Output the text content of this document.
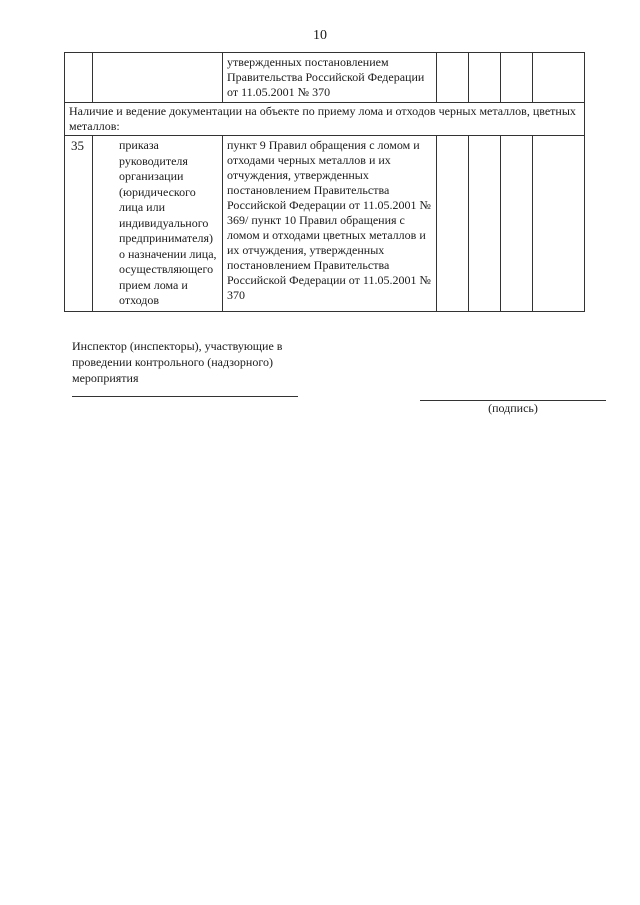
10
		утвержденных постановлением Правительства Российской Федерации от 11.05.2001 № 370				
Наличие и ведение документации на объекте по приему лома и отходов черных металлов, цветных металлов:						
35	приказа руководителя организации (юридического лица или индивидуального предпринимателя) о назначении лица, осуществляющего прием лома и отходов	пункт 9 Правил обращения с ломом и отходами черных металлов и их отчуждения, утвержденных постановлением Правительства Российской Федерации от 11.05.2001 № 369/ пункт 10 Правил обращения с ломом и отходами цветных металлов и их отчуждения, утвержденных постановлением Правительства Российской Федерации от 11.05.2001 № 370				
Инспектор (инспекторы), участвующие в проведении контрольного (надзорного) мероприятия
(подпись)
